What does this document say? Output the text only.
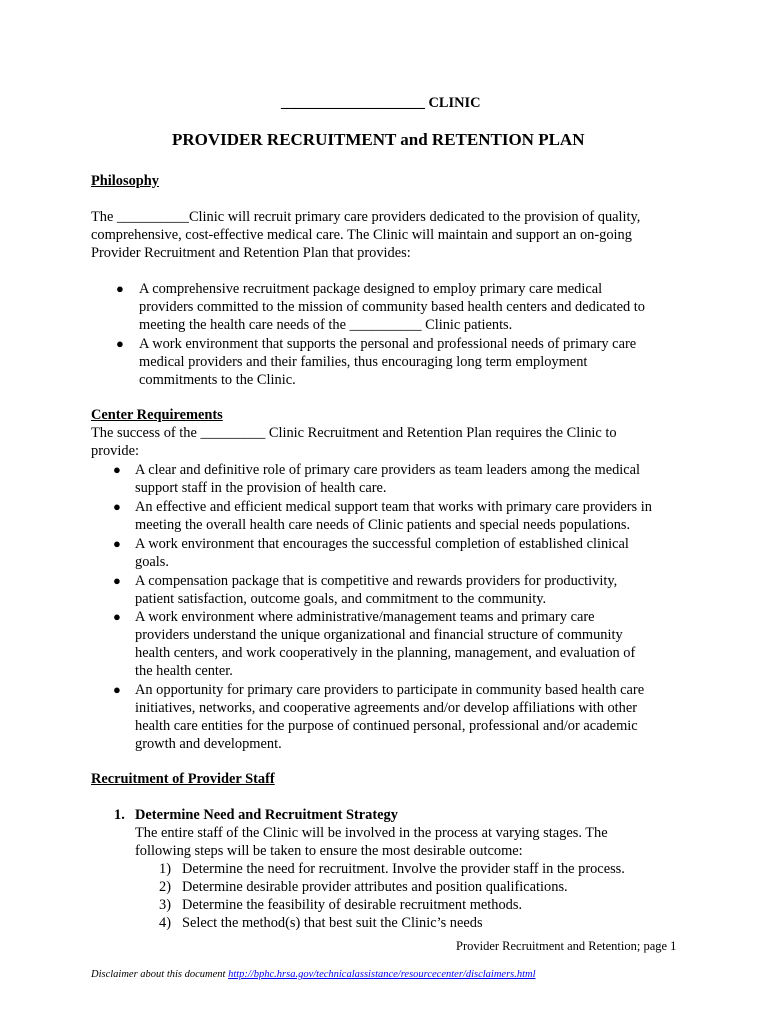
____________________ CLINIC
PROVIDER RECRUITMENT and RETENTION PLAN
Philosophy
The __________Clinic will recruit primary care providers dedicated to the provision of quality,
comprehensive, cost-effective medical care. The Clinic will maintain and support an on-going
Provider Recruitment and Retention Plan that provides:
● A comprehensive recruitment package designed to employ primary care medical
providers committed to the mission of community based health centers and dedicated to
meeting the health care needs of the __________ Clinic patients.
● A work environment that supports the personal and professional needs of primary care
medical providers and their families, thus encouraging long term employment
commitments to the Clinic.
Center Requirements
The success of the _________ Clinic Recruitment and Retention Plan requires the Clinic to
provide:
● A clear and definitive role of primary care providers as team leaders among the medical
support staff in the provision of health care.
● An effective and efficient medical support team that works with primary care providers in
meeting the overall health care needs of Clinic patients and special needs populations.
● A work environment that encourages the successful completion of established clinical
goals.
● A compensation package that is competitive and rewards providers for productivity,
patient satisfaction, outcome goals, and commitment to the community.
● A work environment where administrative/management teams and primary care
providers understand the unique organizational and financial structure of community
health centers, and work cooperatively in the planning, management, and evaluation of
the health center.
● An opportunity for primary care providers to participate in community based health care
initiatives, networks, and cooperative agreements and/or develop affiliations with other
health care entities for the purpose of continued personal, professional and/or academic
growth and development.
Recruitment of Provider Staff
1. Determine Need and Recruitment Strategy
The entire staff of the Clinic will be involved in the process at varying stages. The
following steps will be taken to ensure the most desirable outcome:
1) Determine the need for recruitment. Involve the provider staff in the process.
2) Determine desirable provider attributes and position qualifications.
3) Determine the feasibility of desirable recruitment methods.
4) Select the method(s) that best suit the Clinic’s needs
Provider Recruitment and Retention; page 1
Disclaimer about this document http://bphc.hrsa.gov/technicalassistance/resourcecenter/disclaimers.html
